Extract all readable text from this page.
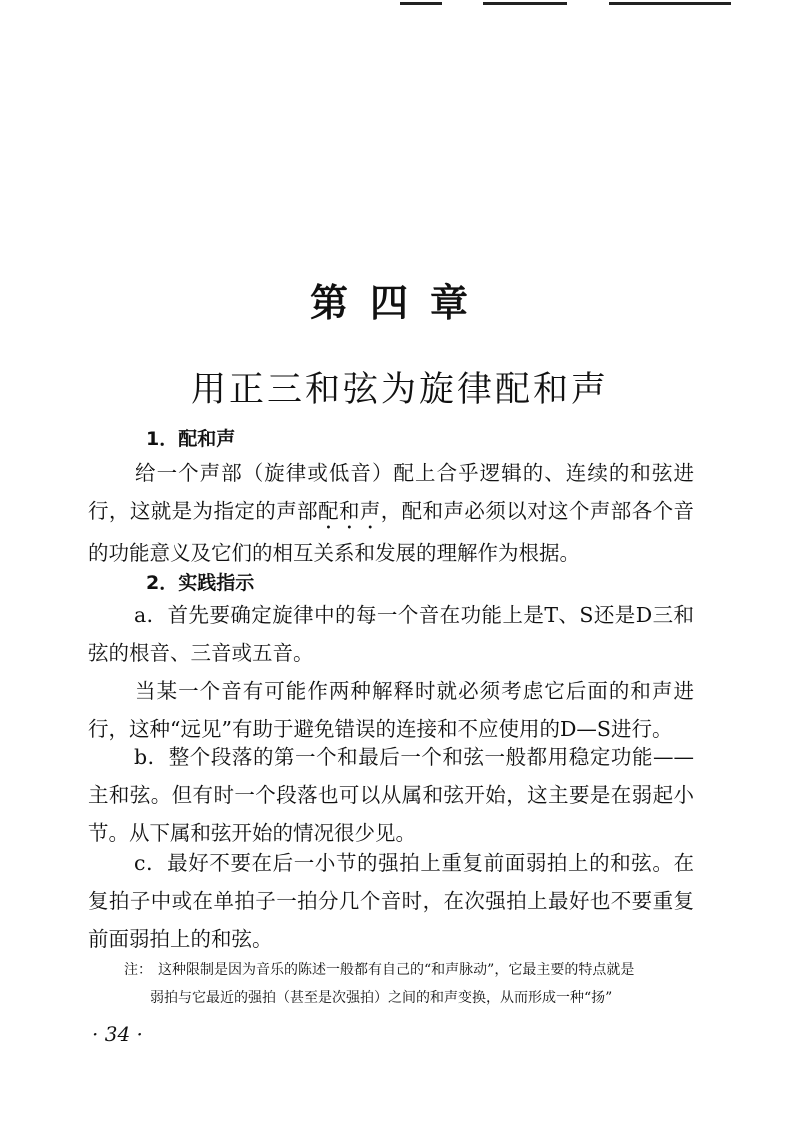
第四章
用正三和弦为旋律配和声
1．配和声

给一个声部（旋律或低音）配上合乎逻辑的、连续的和弦进行，这就是为指定的声部配和声，配和声必须以对这个声部各个音的功能意义及它们的相互关系和发展的理解作为根据。

2．实践指示

a．首先要确定旋律中的每一个音在功能上是T、S还是D三和弦的根音、三音或五音。

当某一个音有可能作两种解释时就必须考虑它后面的和声进行，这种“远见”有助于避免错误的连接和不应使用的D—S进行。

b．整个段落的第一个和最后一个和弦一般都用稳定功能——主和弦。但有时一个段落也可以从属和弦开始，这主要是在弱起小节。从下属和弦开始的情况很少见。

c．最好不要在后一小节的强拍上重复前面弱拍上的和弦。在复拍子中或在单拍子一拍分几个音时，在次强拍上最好也不要重复前面弱拍上的和弦。

注： 这种限制是因为音乐的陈述一般都有自己的“和声脉动”，它最主要的特点就是
弱拍与它最近的强拍（甚至是次强拍）之间的和声变换，从而形成一种“扬”

· 34 ·
